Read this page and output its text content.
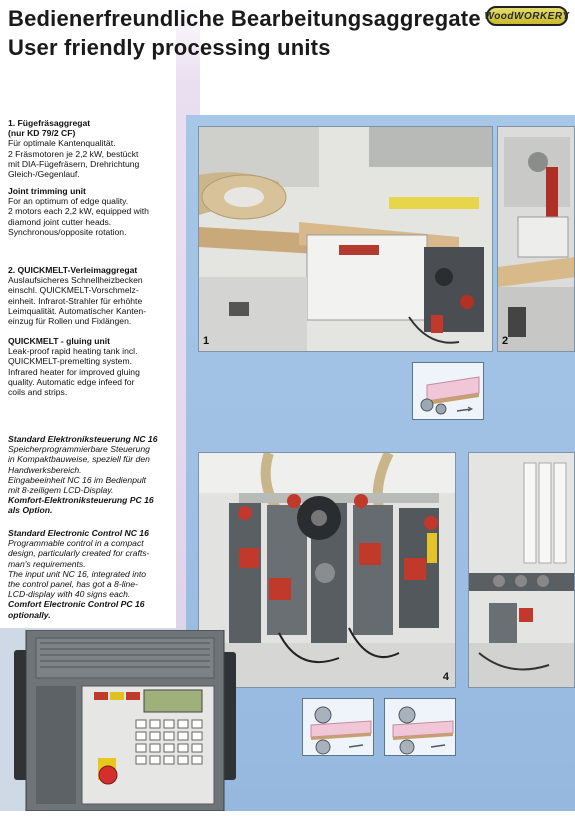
Bedienerfreundliche Bearbeitungsaggregate
User friendly processing units
WoodWORKERY

1. Fügefräsaggregat

(nur KD 79/2 CF)

Für optimale Kantenqualität.

2 Fräsmotoren je 2,2 kW, bestückt

mit DIA-Fügefräsern, Drehrichtung

Gleich-/Gegenlauf.

Joint trimming unit

For an optimum of edge quality.

2 motors each 2,2 kW, equipped with

diamond joint cutter heads.

Synchronous/opposite rotation.

2. QUICKMELT-Verleimaggregat

Auslaufsicheres Schnellheizbecken

einschl. QUICKMELT-Vorschmelz-

einheit. Infrarot-Strahler für erhöhte

Leimqualität. Automatischer Kanten-

einzug für Rollen und Fixlängen.

QUICKMELT - gluing unit

Leak-proof rapid heating tank incl.

QUICKMELT-premelting system.

Infrared heater for improved gluing

quality. Automatic edge infeed for

coils and strips.

Standard Elektroniksteuerung NC 16

Speicherprogrammierbare Steuerung

in Kompaktbauweise, speziell für den

Handwerksbereich.

Eingabeeinheit NC 16 im Bedienpult

mit 8-zeiligem LCD-Display.

Komfort-Elektroniksteuerung PC 16

als Option.

Standard Electronic Control NC 16

Programmable control in a compact

design, particularly created for crafts-

man's requirements.

The input unit NC 16, integrated into

the control panel, has got a 8-line-

LCD-display with 40 signs each.

Comfort Electronic Control PC 16

optionally.

1	2
4
